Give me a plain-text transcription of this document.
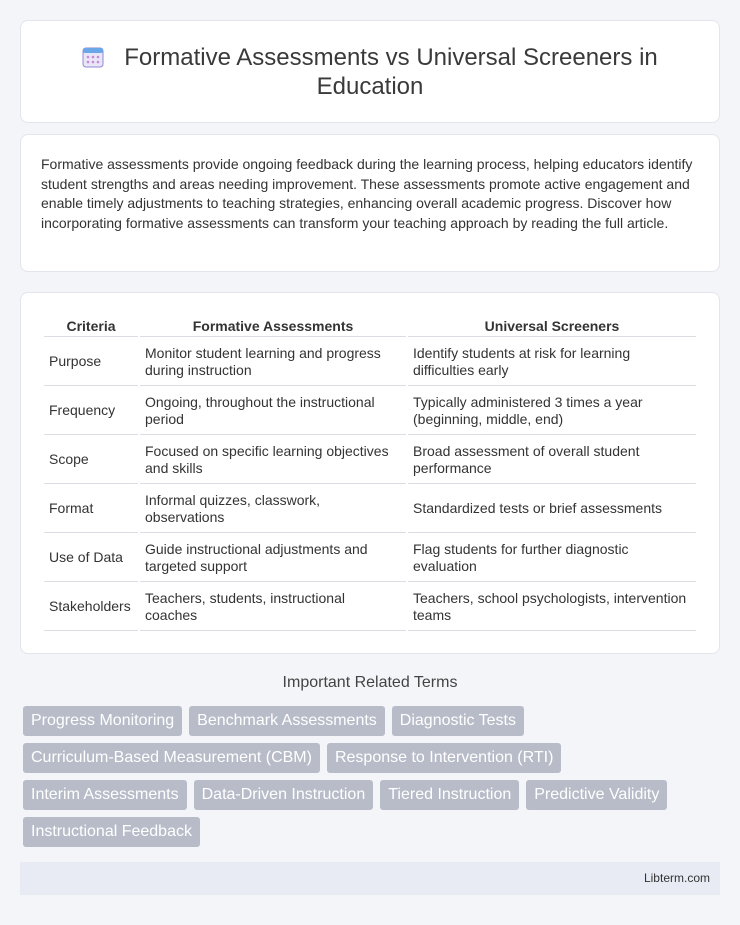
Formative Assessments vs Universal Screeners in Education

Formative assessments provide ongoing feedback during the learning process, helping educators identify student strengths and areas needing improvement. These assessments promote active engagement and enable timely adjustments to teaching strategies, enhancing overall academic progress. Discover how incorporating formative assessments can transform your teaching approach by reading the full article.

Criteria	Formative Assessments	Universal Screeners
Purpose	Monitor student learning and progress during instruction	Identify students at risk for learning difficulties early
Frequency	Ongoing, throughout the instructional period	Typically administered 3 times a year (beginning, middle, end)
Scope	Focused on specific learning objectives and skills	Broad assessment of overall student performance
Format	Informal quizzes, classwork, observations	Standardized tests or brief assessments
Use of Data	Guide instructional adjustments and targeted support	Flag students for further diagnostic evaluation
Stakeholders	Teachers, students, instructional coaches	Teachers, school psychologists, intervention teams
Important Related Terms
Progress Monitoring	Benchmark Assessments	Diagnostic Tests
Curriculum-Based Measurement (CBM)	Response to Intervention (RTI)
Interim Assessments	Data-Driven Instruction	Tiered Instruction	Predictive Validity
Instructional Feedback
Libterm.com
